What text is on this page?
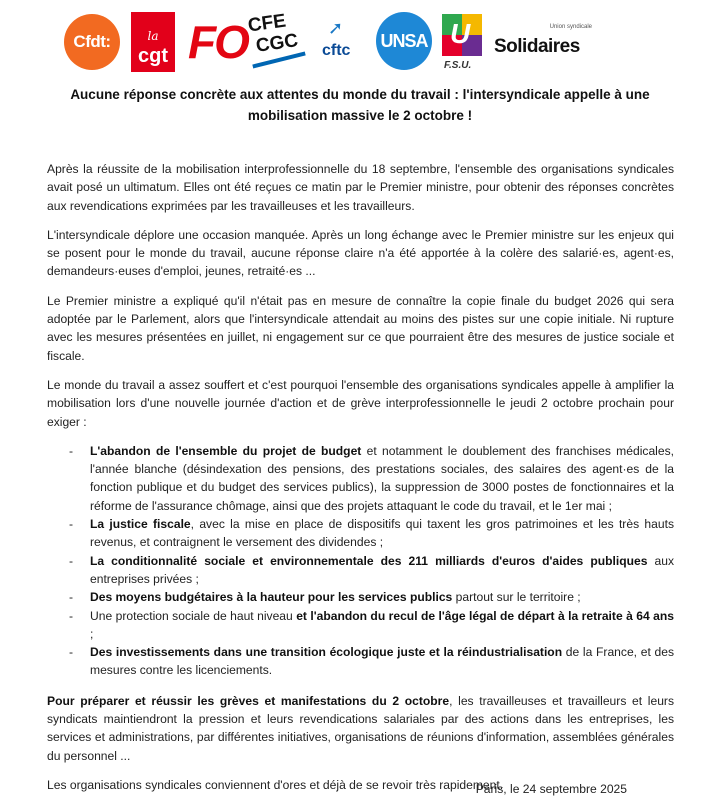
Cfdt:	la
cgt FO
CFE
CGC
➚
cftc UNSA U
F.S.U.
Union syndicale
Solidaires
Aucune réponse concrète aux attentes du monde du travail : l'intersyndicale appelle à une
mobilisation massive le 2 octobre !

Après la réussite de la mobilisation interprofessionnelle du 18 septembre, l'ensemble des organisations syndicales avait posé un ultimatum. Elles ont été reçues ce matin par le Premier ministre, pour obtenir des réponses concrètes aux revendications exprimées par les travailleuses et les travailleurs.

L'intersyndicale déplore une occasion manquée. Après un long échange avec le Premier ministre sur les enjeux qui se posent pour le monde du travail, aucune réponse claire n'a été apportée à la colère des salarié·es, agent·es, demandeurs·euses d'emploi, jeunes, retraité·es ...

Le Premier ministre a expliqué qu'il n'était pas en mesure de connaître la copie finale du budget 2026 qui sera adoptée par le Parlement, alors que l'intersyndicale attendait au moins des pistes sur une copie initiale. Ni rupture avec les mesures présentées en juillet, ni engagement sur ce que pourraient être des mesures de justice sociale et fiscale.

Le monde du travail a assez souffert et c'est pourquoi l'ensemble des organisations syndicales appelle à amplifier la mobilisation lors d'une nouvelle journée d'action et de grève interprofessionnelle le jeudi 2 octobre prochain pour exiger :

- L'abandon de l'ensemble du projet de budget et notamment le doublement des franchises médicales, l'année blanche (désindexation des pensions, des prestations sociales, des salaires des agent·es de la fonction publique et du budget des services publics), la suppression de 3000 postes de fonctionnaires et la réforme de l'assurance chômage, ainsi que des projets attaquant le code du travail, et le 1er mai ;
- La justice fiscale, avec la mise en place de dispositifs qui taxent les gros patrimoines et les très hauts revenus, et contraignent le versement des dividendes ;
- La conditionnalité sociale et environnementale des 211 milliards d'euros d'aides publiques aux entreprises privées ;
- Des moyens budgétaires à la hauteur pour les services publics partout sur le territoire ;
- Une protection sociale de haut niveau et l'abandon du recul de l'âge légal de départ à la retraite à 64 ans ;
- Des investissements dans une transition écologique juste et la réindustrialisation de la France, et des mesures contre les licenciements.

Pour préparer et réussir les grèves et manifestations du 2 octobre, les travailleuses et travailleurs et leurs syndicats maintiendront la pression et leurs revendications salariales par des actions dans les entreprises, les services et administrations, par différentes initiatives, organisations de réunions d'information, assemblées générales du personnel ...

Les organisations syndicales conviennent d'ores et déjà de se revoir très rapidement.

Paris, le 24 septembre 2025
